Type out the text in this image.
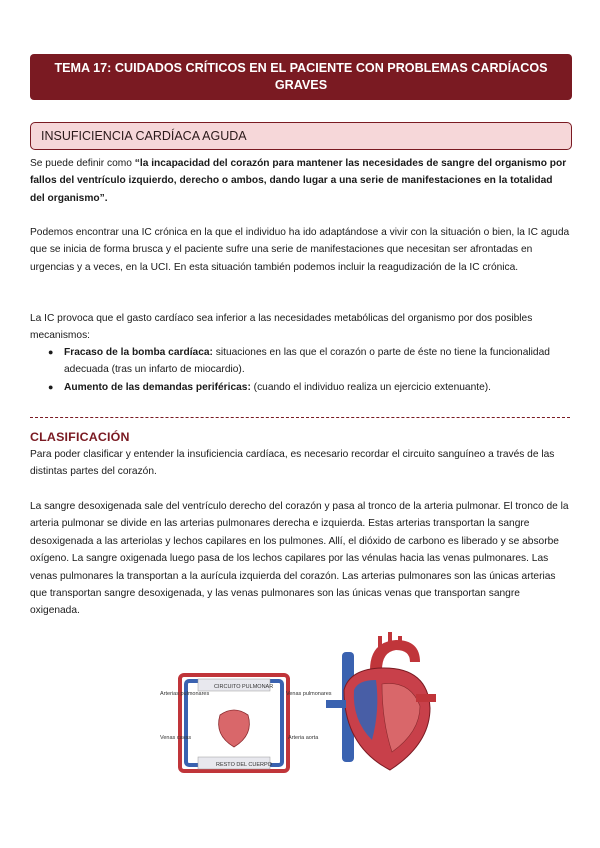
TEMA 17: CUIDADOS CRÍTICOS EN EL PACIENTE CON PROBLEMAS CARDÍACOS GRAVES
INSUFICIENCIA CARDÍACA AGUDA
Se puede definir como “la incapacidad del corazón para mantener las necesidades de sangre del organismo por fallos del ventrículo izquierdo, derecho o ambos, dando lugar a una serie de manifestaciones en la totalidad del organismo”.
Podemos encontrar una IC crónica en la que el individuo ha ido adaptándose a vivir con la situación o bien, la IC aguda que se inicia de forma brusca y el paciente sufre una serie de manifestaciones que necesitan ser afrontadas en urgencias y a veces, en la UCI. En esta situación también podemos incluir la reagudización de la IC crónica.
La IC provoca que el gasto cardíaco sea inferior a las necesidades metabólicas del organismo por dos posibles mecanismos:
● Fracaso de la bomba cardíaca: situaciones en las que el corazón o parte de éste no tiene la funcionalidad adecuada (tras un infarto de miocardio).
● Aumento de las demandas periféricas: (cuando el individuo realiza un ejercicio extenuante).
CLASIFICACIÓN
Para poder clasificar y entender la insuficiencia cardíaca, es necesario recordar el circuito sanguíneo a través de las distintas partes del corazón.
La sangre desoxigenada sale del ventrículo derecho del corazón y pasa al tronco de la arteria pulmonar. El tronco de la arteria pulmonar se divide en las arterias pulmonares derecha e izquierda. Estas arterias transportan la sangre desoxigenada a las arteriolas y lechos capilares en los pulmones. Allí, el dióxido de carbono es liberado y se absorbe oxígeno. La sangre oxigenada luego pasa de los lechos capilares por las vénulas hacia las venas pulmonares. Las venas pulmonares la transportan a la aurícula izquierda del corazón. Las arterias pulmonares son las únicas arterias que transportan sangre desoxigenada, y las venas pulmonares son las únicas venas que transportan sangre oxigenada.
CIRCUITO PULMONAR
RESTO DEL CUERPO
Arterias pulmonares	Venas pulmonares
Venas cavas	Arteria aorta
